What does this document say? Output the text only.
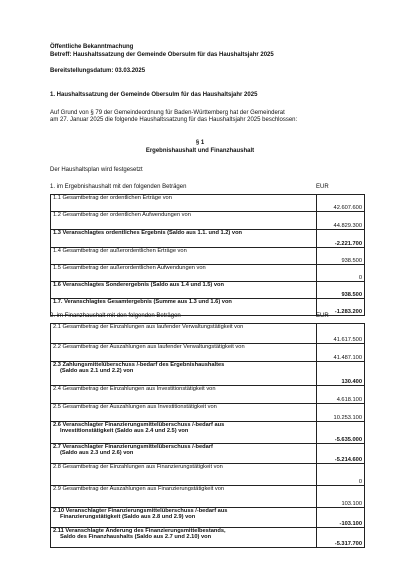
Öffentliche Bekanntmachung
Betreff: Haushaltssatzung der Gemeinde Obersulm für das Haushaltsjahr 2025
Bereitstellungsdatum: 03.03.2025
1. Haushaltssatzung der Gemeinde Obersulm für das Haushaltsjahr 2025
Auf Grund von § 79 der Gemeindeordnung für Baden-Württemberg hat der Gemeinderat
am 27. Januar 2025 die folgende Haushaltssatzung für das Haushaltsjahr 2025 beschlossen:
§ 1
Ergebnishaushalt und Finanzhaushalt
Der Haushaltsplan wird festgesetzt
1. im Ergebnishaushalt mit den folgenden Beträgen	EUR
1.1 Gesamtbetrag der ordentlichen Erträge von	42.607.600
1.2 Gesamtbetrag der ordentlichen Aufwendungen von	44.829.300
1.3 Veranschlagtes ordentliches Ergebnis (Saldo aus 1.1. und 1.2) von	-2.221.700
1.4 Gesamtbetrag der außerordentlichen Erträge von	938.500
1.5 Gesamtbetrag der außerordentlichen Aufwendungen von	0
1.6 Veranschlagtes Sonderergebnis (Saldo aus 1.4 und 1.5) von	938.500
1.7. Veranschlagtes Gesamtergebnis (Summe aus 1.3 und 1.6) von	-1.283.200
2. im Finanzhaushalt mit den folgenden Beträgen	EUR
2.1 Gesamtbetrag der Einzahlungen aus laufender Verwaltungstätigkeit von	41.617.500
2.2 Gesamtbetrag der Auszahlungen aus laufender Verwaltungstätigkeit von	41.487.100
2.3 Zahlungsmittelüberschuss /-bedarf des Ergebnishaushaltes
(Saldo aus 2.1 und 2.2) von	130.400
2.4 Gesamtbetrag der Einzahlungen aus Investitionstätigkeit von	4.618.100
2.5 Gesamtbetrag der Auszahlungen aus Investitionstätigkeit von	10.253.100
2.6 Veranschlagter Finanzierungsmittelüberschuss /-bedarf aus
Investitionstätigkeit (Saldo aus 2.4 und 2.5) von	-5.635.000
2.7 Veranschlagter Finanzierungsmittelüberschuss /-bedarf
(Saldo aus 2.3 und 2.6) von	-5.214.600
2.8 Gesamtbetrag der Einzahlungen aus Finanzierungstätigkeit von	0
2.9 Gesamtbetrag der Auszahlungen aus Finanzierungstätigkeit von	103.100
2.10 Veranschlagter Finanzierungsmittelüberschuss /-bedarf aus
Finanzierungstätigkeit (Saldo aus 2.8 und 2.9) von	-103.100
2.11 Veranschlagte Änderung des Finanzierungsmittelbestands,
Saldo des Finanzhaushalts (Saldo aus 2.7 und 2.10) von	-5.317.700
